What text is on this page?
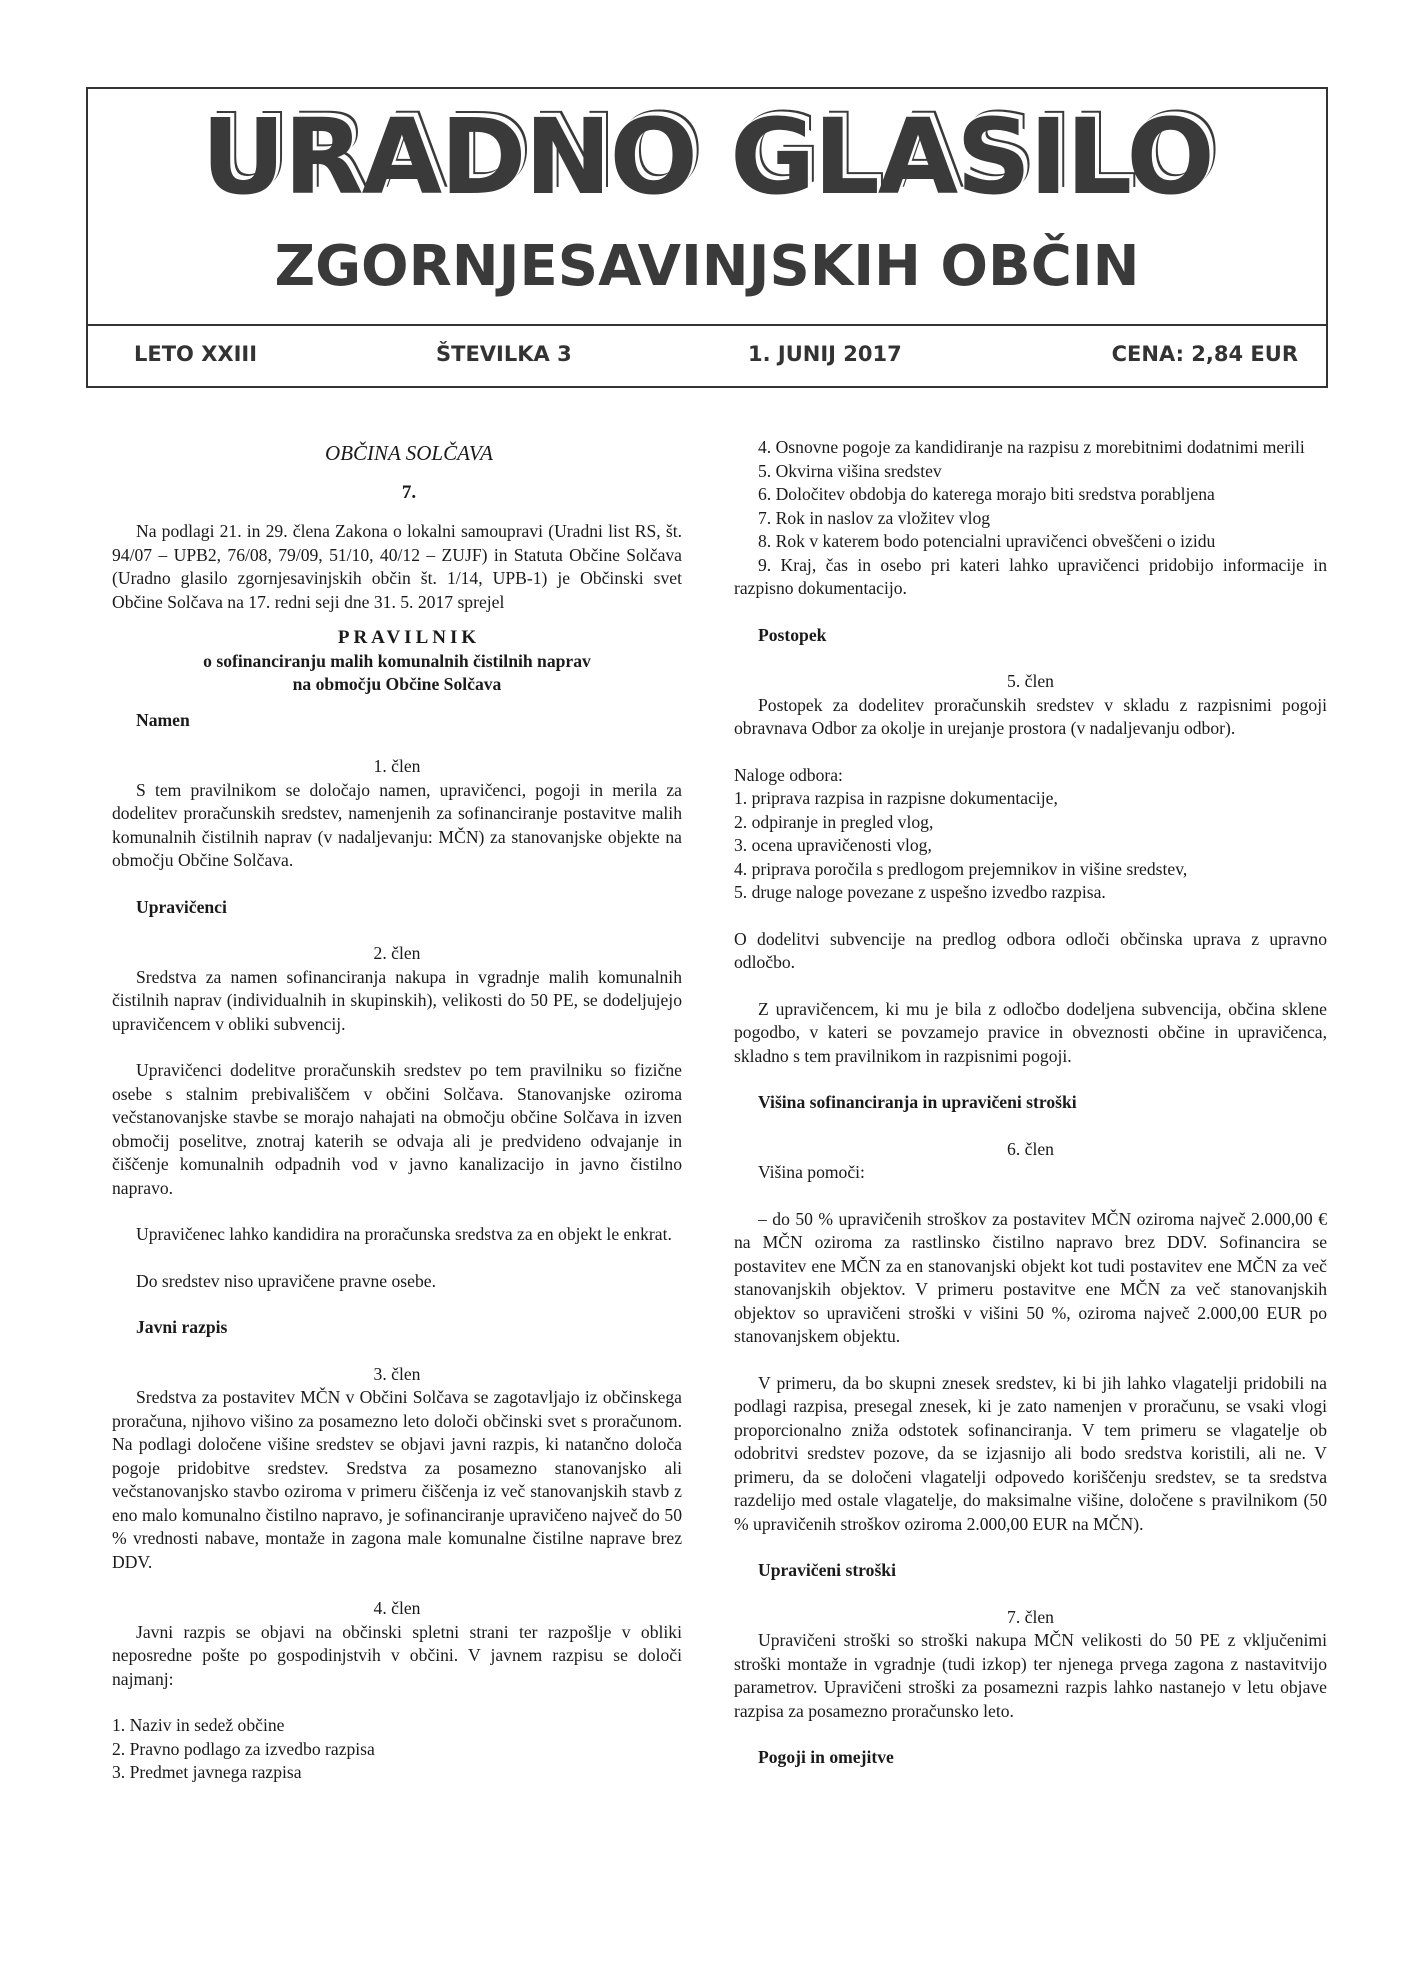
URADNO GLASILO
ZGORNJESAVINJSKIH OBČIN
LETO XXIII	ŠTEVILKA 3	1. JUNIJ 2017	CENA: 2,84 EUR

OBČINA SOLČAVA

7.

Na podlagi 21. in 29. člena Zakona o lokalni samoupravi (Uradni list RS, št. 94/07 – UPB2, 76/08, 79/09, 51/10, 40/12 – ZUJF) in Statuta Občine Solčava (Uradno glasilo zgornjesavinjskih občin št. 1/14, UPB-1) je Občinski svet Občine Solčava na 17. redni seji dne 31. 5. 2017 sprejel

PRAVILNIK

o sofinanciranju malih komunalnih čistilnih naprav

na območju Občine Solčava

Namen

1. člen

S tem pravilnikom se določajo namen, upravičenci, pogoji in merila za dodelitev proračunskih sredstev, namenjenih za sofinanciranje postavitve malih komunalnih čistilnih naprav (v nadaljevanju: MČN) za stanovanjske objekte na območju Občine Solčava.

Upravičenci

2. člen

Sredstva za namen sofinanciranja nakupa in vgradnje malih komunalnih čistilnih naprav (individualnih in skupinskih), velikosti do 50 PE, se dodeljujejo upravičencem v obliki subvencij.

Upravičenci dodelitve proračunskih sredstev po tem pravilniku so fizične osebe s stalnim prebivališčem v občini Solčava. Stanovanjske oziroma večstanovanjske stavbe se morajo nahajati na območju občine Solčava in izven območij poselitve, znotraj katerih se odvaja ali je predvideno odvajanje in čiščenje komunalnih odpadnih vod v javno kanalizacijo in javno čistilno napravo.

Upravičenec lahko kandidira na proračunska sredstva za en objekt le enkrat.

Do sredstev niso upravičene pravne osebe.

Javni razpis

3. člen

Sredstva za postavitev MČN v Občini Solčava se zagotavljajo iz občinskega proračuna, njihovo višino za posamezno leto določi občinski svet s proračunom. Na podlagi določene višine sredstev se objavi javni razpis, ki natančno določa pogoje pridobitve sredstev. Sredstva za posamezno stanovanjsko ali večstanovanjsko stavbo oziroma v primeru čiščenja iz več stanovanjskih stavb z eno malo komunalno čistilno napravo, je sofinanciranje upravičeno največ do 50 % vrednosti nabave, montaže in zagona male komunalne čistilne naprave brez DDV.

4. člen

Javni razpis se objavi na občinski spletni strani ter razpošlje v obliki neposredne pošte po gospodinjstvih v občini. V javnem razpisu se določi najmanj:

1. Naziv in sedež občine
2. Pravno podlago za izvedbo razpisa
3. Predmet javnega razpisa

4. Osnovne pogoje za kandidiranje na razpisu z morebitnimi dodatnimi merili

5. Okvirna višina sredstev

6. Določitev obdobja do katerega morajo biti sredstva porabljena

7. Rok in naslov za vložitev vlog

8. Rok v katerem bodo potencialni upravičenci obveščeni o izidu

9. Kraj, čas in osebo pri kateri lahko upravičenci pridobijo informacije in razpisno dokumentacijo.

Postopek

5. člen

Postopek za dodelitev proračunskih sredstev v skladu z razpisnimi pogoji obravnava Odbor za okolje in urejanje prostora (v nadaljevanju odbor).

Naloge odbora:

1. priprava razpisa in razpisne dokumentacije,

2. odpiranje in pregled vlog,

3. ocena upravičenosti vlog,

4. priprava poročila s predlogom prejemnikov in višine sredstev,

5. druge naloge povezane z uspešno izvedbo razpisa.

O dodelitvi subvencije na predlog odbora odloči občinska uprava z upravno odločbo.

Z upravičencem, ki mu je bila z odločbo dodeljena subvencija, občina sklene pogodbo, v kateri se povzamejo pravice in obveznosti občine in upravičenca, skladno s tem pravilnikom in razpisnimi pogoji.

Višina sofinanciranja in upravičeni stroški

6. člen

Višina pomoči:

– do 50 % upravičenih stroškov za postavitev MČN oziroma največ 2.000,00 € na MČN oziroma za rastlinsko čistilno napravo brez DDV. Sofinancira se postavitev ene MČN za en stanovanjski objekt kot tudi postavitev ene MČN za več stanovanjskih objektov. V primeru postavitve ene MČN za več stanovanjskih objektov so upravičeni stroški v višini 50 %, oziroma največ 2.000,00 EUR po stanovanjskem objektu.

V primeru, da bo skupni znesek sredstev, ki bi jih lahko vlagatelji pridobili na podlagi razpisa, presegal znesek, ki je zato namenjen v proračunu, se vsaki vlogi proporcionalno zniža odstotek sofinanciranja. V tem primeru se vlagatelje ob odobritvi sredstev pozove, da se izjasnijo ali bodo sredstva koristili, ali ne. V primeru, da se določeni vlagatelji odpovedo koriščenju sredstev, se ta sredstva razdelijo med ostale vlagatelje, do maksimalne višine, določene s pravilnikom (50 % upravičenih stroškov oziroma 2.000,00 EUR na MČN).

Upravičeni stroški

7. člen

Upravičeni stroški so stroški nakupa MČN velikosti do 50 PE z vključenimi stroški montaže in vgradnje (tudi izkop) ter njenega prvega zagona z nastavitvijo parametrov. Upravičeni stroški za posamezni razpis lahko nastanejo v letu objave razpisa za posamezno proračunsko leto.

Pogoji in omejitve
